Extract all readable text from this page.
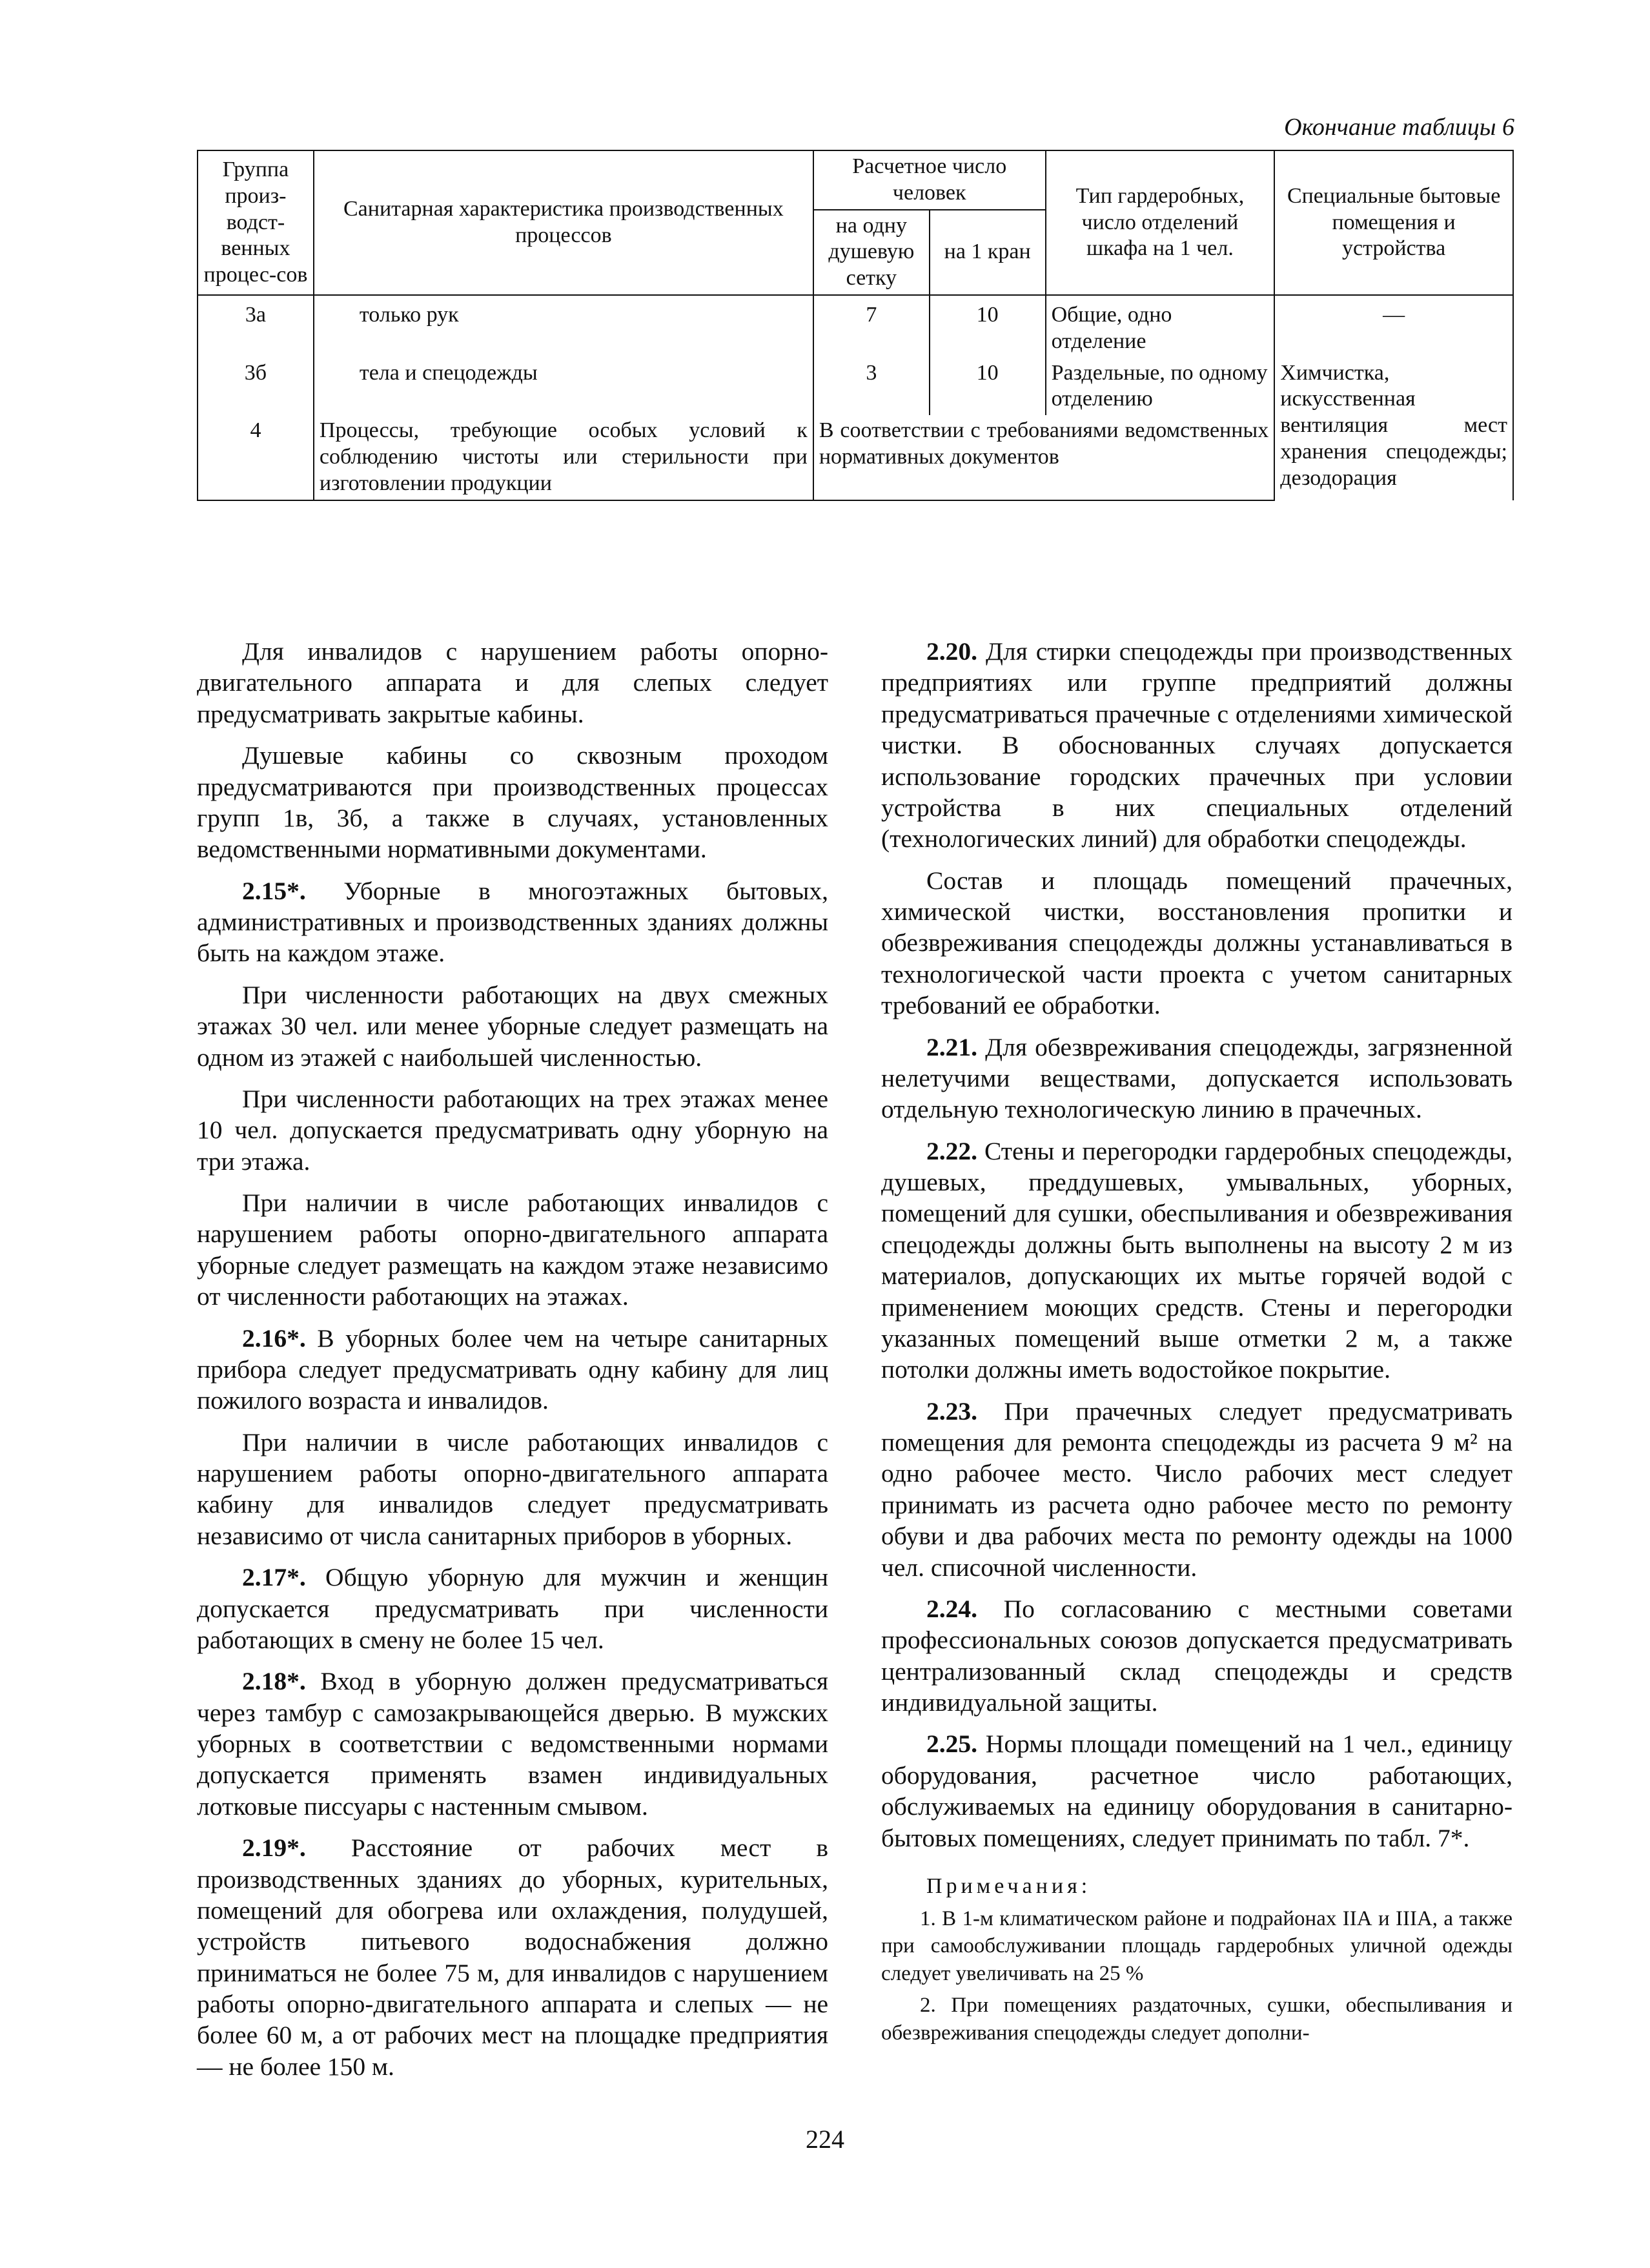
Окончание таблицы 6
Группа произ-водст-венных процес-сов	Санитарная характеристика производственных процессов	Расчетное число человек		Тип гардеробных, число отделений шкафа на 1 чел.	Специальные бытовые помещения и устройства
		на одну душевую сетку	на 1 кран		
3а	только рук	7	10	Общие, одно отделение	—
3б	тела и спецодежды	3	10	Раздельные, по одному отделению	Химчистка, искусственная вентиляция мест хранения спецодежды; дезодорация
4	Процессы, требующие особых условий к соблюдению чистоты или стерильности при изготовлении продукции	В соответствии с требованиями ведомственных нормативных документов			

Для инвалидов с нарушением работы опорно-двигательного аппарата и для слепых следует предусматривать закрытые кабины.

Душевые кабины со сквозным проходом предусматриваются при производственных процессах групп 1в, 3б, а также в случаях, установленных ведомственными нормативными документами.

2.15*. Уборные в многоэтажных бытовых, административных и производственных зданиях должны быть на каждом этаже.

При численности работающих на двух смежных этажах 30 чел. или менее уборные следует размещать на одном из этажей с наибольшей численностью.

При численности работающих на трех этажах менее 10 чел. допускается предусматривать одну уборную на три этажа.

При наличии в числе работающих инвалидов с нарушением работы опорно-двигательного аппарата уборные следует размещать на каждом этаже независимо от численности работающих на этажах.

2.16*. В уборных более чем на четыре санитарных прибора следует предусматривать одну кабину для лиц пожилого возраста и инвалидов.

При наличии в числе работающих инвалидов с нарушением работы опорно-двигательного аппарата кабину для инвалидов следует предусматривать независимо от числа санитарных приборов в уборных.

2.17*. Общую уборную для мужчин и женщин допускается предусматривать при численности работающих в смену не более 15 чел.

2.18*. Вход в уборную должен предусматриваться через тамбур с самозакрывающейся дверью. В мужских уборных в соответствии с ведомственными нормами допускается применять взамен индивидуальных лотковые писсуары с настенным смывом.

2.19*. Расстояние от рабочих мест в производственных зданиях до уборных, курительных, помещений для обогрева или охлаждения, полудушей, устройств питьевого водоснабжения должно приниматься не более 75 м, для инвалидов с нарушением работы опорно-двигательного аппарата и слепых — не более 60 м, а от рабочих мест на площадке предприятия — не более 150 м.

2.20. Для стирки спецодежды при производственных предприятиях или группе предприятий должны предусматриваться прачечные с отделениями химической чистки. В обоснованных случаях допускается использование городских прачечных при условии устройства в них специальных отделений (технологических линий) для обработки спецодежды.

Состав и площадь помещений прачечных, химической чистки, восстановления пропитки и обезвреживания спецодежды должны устанавливаться в технологической части проекта с учетом санитарных требований ее обработки.

2.21. Для обезвреживания спецодежды, загрязненной нелетучими веществами, допускается использовать отдельную технологическую линию в прачечных.

2.22. Стены и перегородки гардеробных спецодежды, душевых, преддушевых, умывальных, уборных, помещений для сушки, обеспыливания и обезвреживания спецодежды должны быть выполнены на высоту 2 м из материалов, допускающих их мытье горячей водой с применением моющих средств. Стены и перегородки указанных помещений выше отметки 2 м, а также потолки должны иметь водостойкое покрытие.

2.23. При прачечных следует предусматривать помещения для ремонта спецодежды из расчета 9 м² на одно рабочее место. Число рабочих мест следует принимать из расчета одно рабочее место по ремонту обуви и два рабочих места по ремонту одежды на 1000 чел. списочной численности.

2.24. По согласованию с местными советами профессиональных союзов допускается предусматривать централизованный склад спецодежды и средств индивидуальной защиты.

2.25. Нормы площади помещений на 1 чел., единицу оборудования, расчетное число работающих, обслуживаемых на единицу оборудования в санитарно-бытовых помещениях, следует принимать по табл. 7*.

Примечания:

1. В 1-м климатическом районе и подрайонах IIА и IIIА, а также при самообслуживании площадь гардеробных уличной одежды следует увеличивать на 25 %

2. При помещениях раздаточных, сушки, обеспыливания и обезвреживания спецодежды следует дополни-

224
